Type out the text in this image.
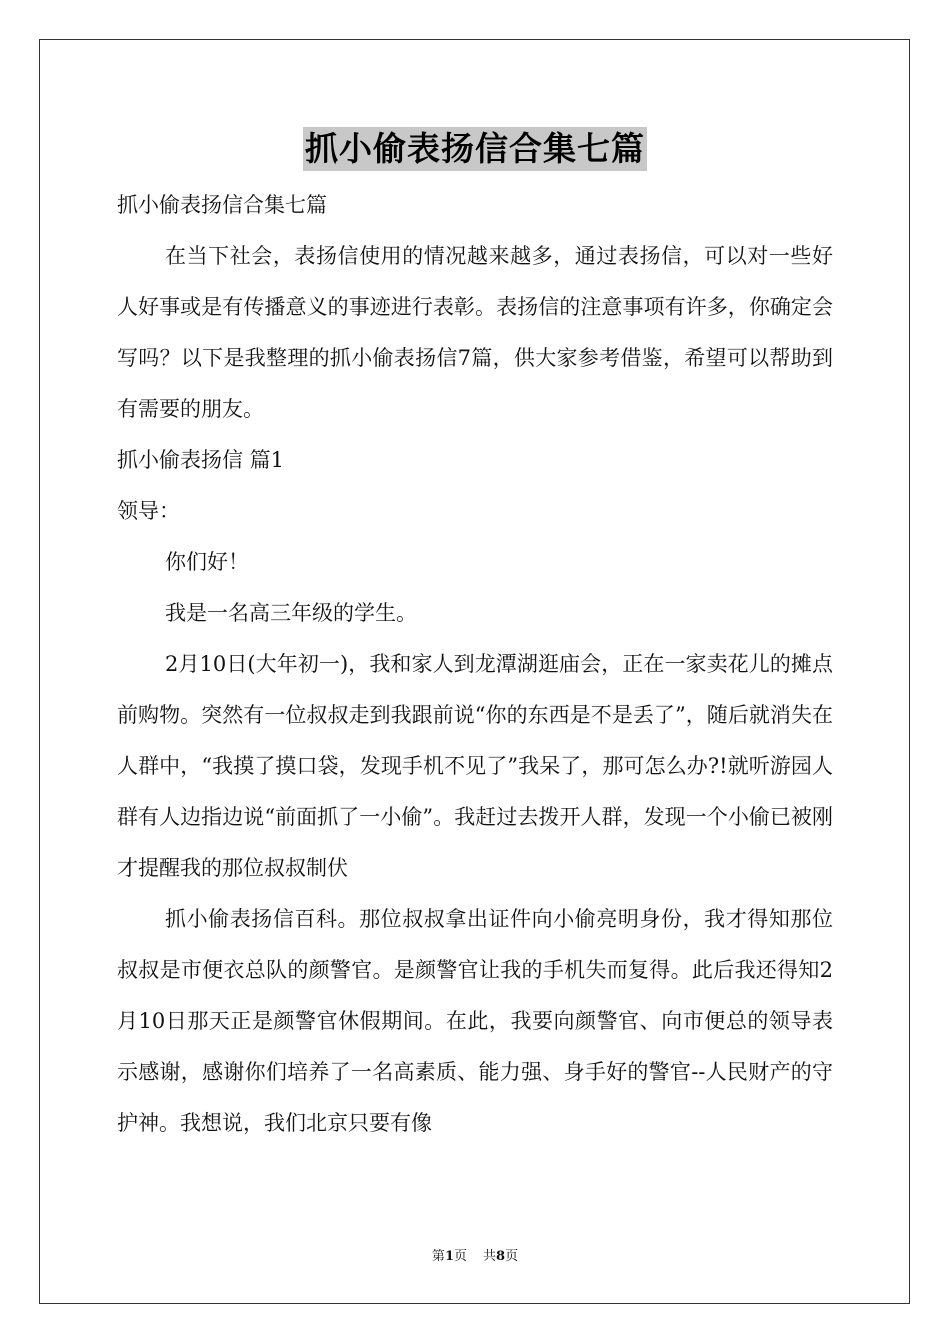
抓小偷表扬信合集七篇
抓小偷表扬信合集七篇

在当下社会，表扬信使用的情况越来越多，通过表扬信，可以对一些好人好事或是有传播意义的事迹进行表彰。表扬信的注意事项有许多，你确定会写吗？以下是我整理的抓小偷表扬信7篇，供大家参考借鉴，希望可以帮助到有需要的朋友。

抓小偷表扬信 篇1
领导：
你们好！
我是一名高三年级的学生。

2月10日(大年初一)，我和家人到龙潭湖逛庙会，正在一家卖花儿的摊点前购物。突然有一位叔叔走到我跟前说“你的东西是不是丢了”，随后就消失在人群中，“我摸了摸口袋，发现手机不见了”我呆了，那可怎么办?!就听游园人群有人边指边说“前面抓了一小偷”。我赶过去拨开人群，发现一个小偷已被刚才提醒我的那位叔叔制伏

抓小偷表扬信百科。那位叔叔拿出证件向小偷亮明身份，我才得知那位叔叔是市便衣总队的颜警官。是颜警官让我的手机失而复得。此后我还得知2月10日那天正是颜警官休假期间。在此，我要向颜警官、向市便总的领导表示感谢，感谢你们培养了一名高素质、能力强、身手好的警官--人民财产的守护神。我想说，我们北京只要有像

第1页 共8页
